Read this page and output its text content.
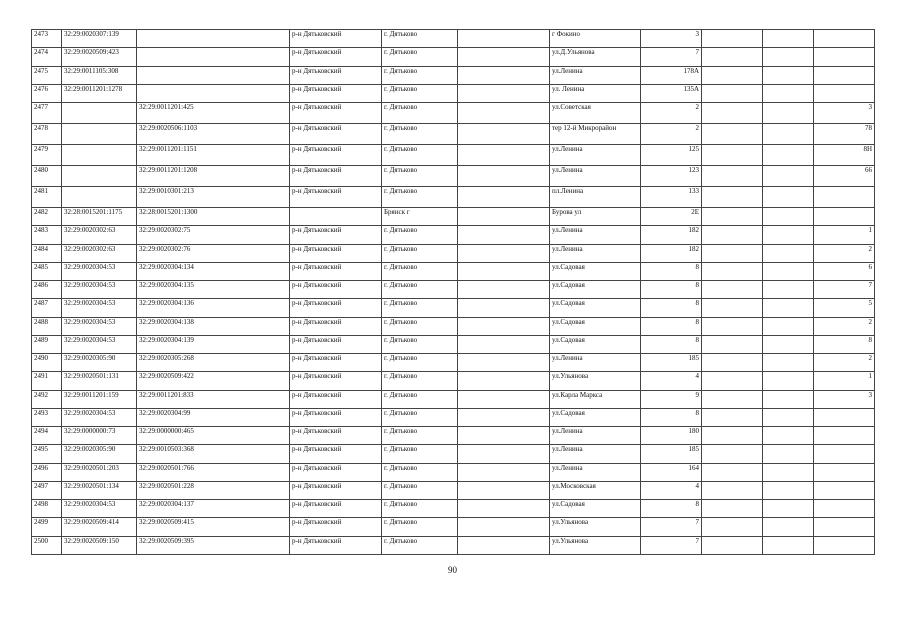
2473	32:29:0020307:139		р-н Дятьковский	г. Дятьково		г Фокино	3			
2474	32:29:0020509:423		р-н Дятьковский	г. Дятьково		ул.Д.Ульянова	7			
2475	32:29:0011105:308		р-н Дятьковский	г. Дятьково		ул.Ленина	178А			
2476	32:29:0011201:1278		р-н Дятьковский	г. Дятьково		ул. Ленина	135А			
2477		32:29:0011201:425	р-н Дятьковский	г. Дятьково		ул.Советская	2			3
2478		32:29:0020506:1103	р-н Дятьковский	г. Дятьково		тер 12-й Микрорайон	2			78
2479		32:29:0011201:1151	р-н Дятьковский	г. Дятьково		ул.Ленина	125			8Н
2480		32:29:0011201:1208	р-н Дятьковский	г. Дятьково		ул.Ленина	123			66
2481		32:29:0010301:213	р-н Дятьковский	г. Дятьково		пл.Ленина	133			
2482	32:28:0015201:1175	32:28:0015201:1300		Брянск г		Бурова ул	2Е			
2483	32:29:0020302:63	32:29:0020302:75	р-н Дятьковский	г. Дятьково		ул.Ленина	182			1
2484	32:29:0020302:63	32:29:0020302:76	р-н Дятьковский	г. Дятьково		ул.Ленина	182			2
2485	32:29:0020304:53	32:29:0020304:134	р-н Дятьковский	г. Дятьково		ул.Садовая	8			6
2486	32:29:0020304:53	32:29:0020304:135	р-н Дятьковский	г. Дятьково		ул.Садовая	8			7
2487	32:29:0020304:53	32:29:0020304:136	р-н Дятьковский	г. Дятьково		ул.Садовая	8			5
2488	32:29:0020304:53	32:29:0020304:138	р-н Дятьковский	г. Дятьково		ул.Садовая	8			2
2489	32:29:0020304:53	32:29:0020304:139	р-н Дятьковский	г. Дятьково		ул.Садовая	8			8
2490	32:29:0020305:90	32:29:0020305:268	р-н Дятьковский	г. Дятьково		ул.Ленина	185			2
2491	32:29:0020501:131	32:29:0020509:422	р-н Дятьковский	г. Дятьково		ул.Ульянова	4			1
2492	32:29:0011201:159	32:29:0011201:833	р-н Дятьковский	г. Дятьково		ул.Карла Маркса	9			3
2493	32:29:0020304:53	32:29:0020304:99	р-н Дятьковский	г. Дятьково		ул.Садовая	8			
2494	32:29:0000000:73	32:29:0000000:465	р-н Дятьковский	г. Дятьково		ул.Ленина	180			
2495	32:29:0020305:90	32:29:0010503:368	р-н Дятьковский	г. Дятьково		ул.Ленина	185			
2496	32:29:0020501:203	32:29:0020501:766	р-н Дятьковский	г. Дятьково		ул.Ленина	164			
2497	32:29:0020501:134	32:29:0020501:228	р-н Дятьковский	г. Дятьково		ул.Московская	4			
2498	32:29:0020304:53	32:29:0020304:137	р-н Дятьковский	г. Дятьково		ул.Садовая	8			
2499	32:29:0020509:414	32:29:0020509:415	р-н Дятьковский	г. Дятьково		ул.Ульянова	7			
2500	32:29:0020509:150	32:29:0020509:395	р-н Дятьковский	г. Дятьково		ул.Ульянова	7			
90
